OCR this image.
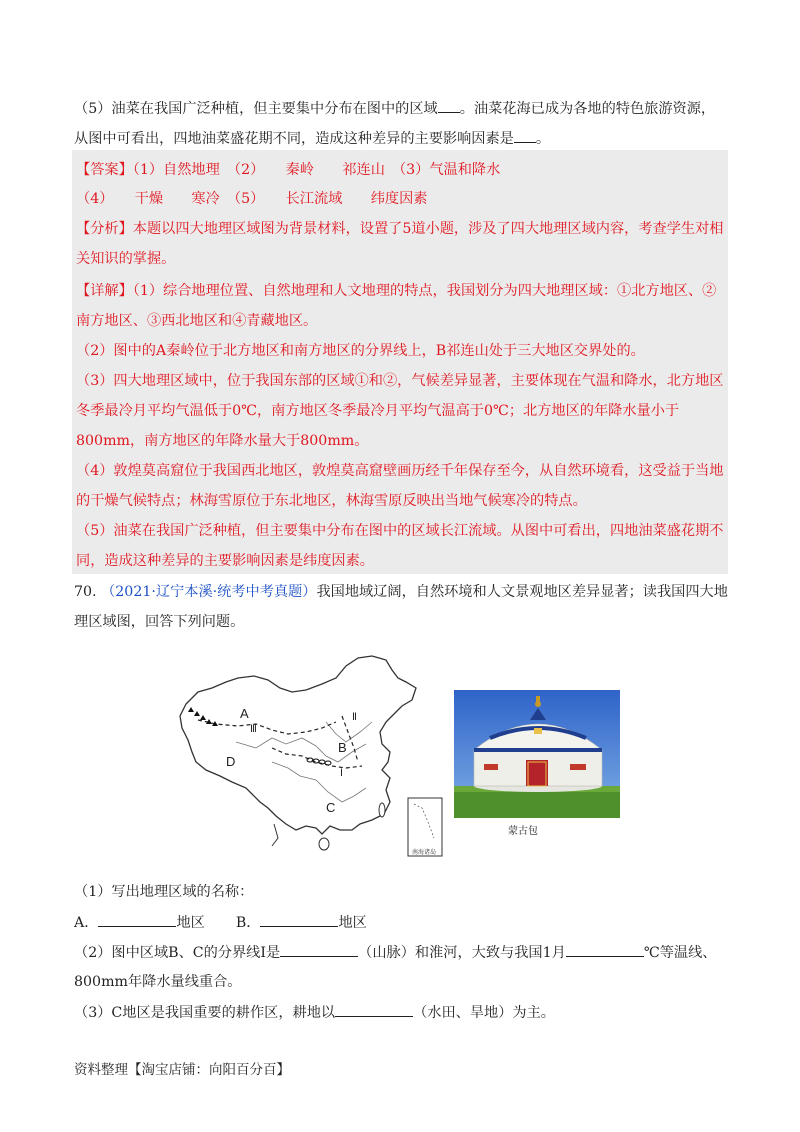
（5）油菜在我国广泛种植，但主要集中分布在图中的区域 。油菜花海已成为各地的特色旅游资源，
从图中可看出，四地油菜盛花期不同，造成这种差异的主要影响因素是 。
【答案】（1）自然地理　（2）　　秦岭　　祁连山　（3）气温和降水
（4）　　干燥　　寒冷　（5）　　长江流域　　纬度因素
【分析】本题以四大地理区域图为背景材料，设置了5道小题，涉及了四大地理区域内容，考查学生对相
关知识的掌握。
【详解】（1）综合地理位置、自然地理和人文地理的特点，我国划分为四大地理区域：①北方地区、②
南方地区、③西北地区和④青藏地区。
（2）图中的A秦岭位于北方地区和南方地区的分界线上，B祁连山处于三大地区交界处的。
（3）四大地理区域中，位于我国东部的区域①和②，气候差异显著，主要体现在气温和降水，北方地区
冬季最冷月平均气温低于0℃，南方地区冬季最冷月平均气温高于0℃；北方地区的年降水量小于
800mm，南方地区的年降水量大于800mm。
（4）敦煌莫高窟位于我国西北地区，敦煌莫高窟壁画历经千年保存至今，从自然环境看，这受益于当地
的干燥气候特点；林海雪原位于东北地区，林海雪原反映出当地气候寒冷的特点。
（5）油菜在我国广泛种植，但主要集中分布在图中的区域长江流域。从图中可看出，四地油菜盛花期不
同，造成这种差异的主要影响因素是纬度因素。
70. （2021·辽宁本溪·统考中考真题）我国地域辽阔，自然环境和人文景观地区差异显著；读我国四大地
理区域图，回答下列问题。
A
B
C
D
Ⅲ
Ⅱ
Ⅰ
南海诸岛
蒙古包
（1）写出地理区域的名称：
A．	地区 B．	地区
（2）图中区域B、C的分界线Ⅰ是	（山脉）和淮河，大致与我国1月	℃等温线、
800mm年降水量线重合。
（3）C地区是我国重要的耕作区，耕地以	（水田、旱地）为主。
资料整理【淘宝店铺：向阳百分百】
